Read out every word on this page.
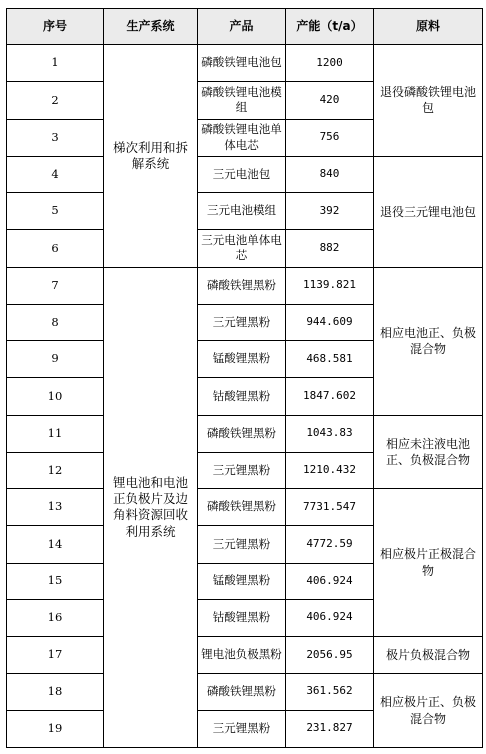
序号	生产系统	产品	产能（t/a）	原料
1	梯次利用和拆解系统	磷酸铁锂电池包	1200	退役磷酸铁锂电池包
2		磷酸铁锂电池模组	420	
3		磷酸铁锂电池单体电芯	756	
4		三元电池包	840	退役三元锂电池包
5		三元电池模组	392	
6		三元电池单体电芯	882	
7	锂电池和电池正负极片及边角料资源回收利用系统	磷酸铁锂黑粉	1139.821	相应电池正、负极混合物
8		三元锂黑粉	944.609	
9		锰酸锂黑粉	468.581	
10		钴酸锂黑粉	1847.602	
11		磷酸铁锂黑粉	1043.83	相应未注液电池正、负极混合物
12		三元锂黑粉	1210.432	
13		磷酸铁锂黑粉	7731.547	相应极片正极混合物
14		三元锂黑粉	4772.59	
15		锰酸锂黑粉	406.924	
16		钴酸锂黑粉	406.924	
17		锂电池负极黑粉	2056.95	极片负极混合物
18		磷酸铁锂黑粉	361.562	相应极片正、负极混合物
19		三元锂黑粉	231.827	
